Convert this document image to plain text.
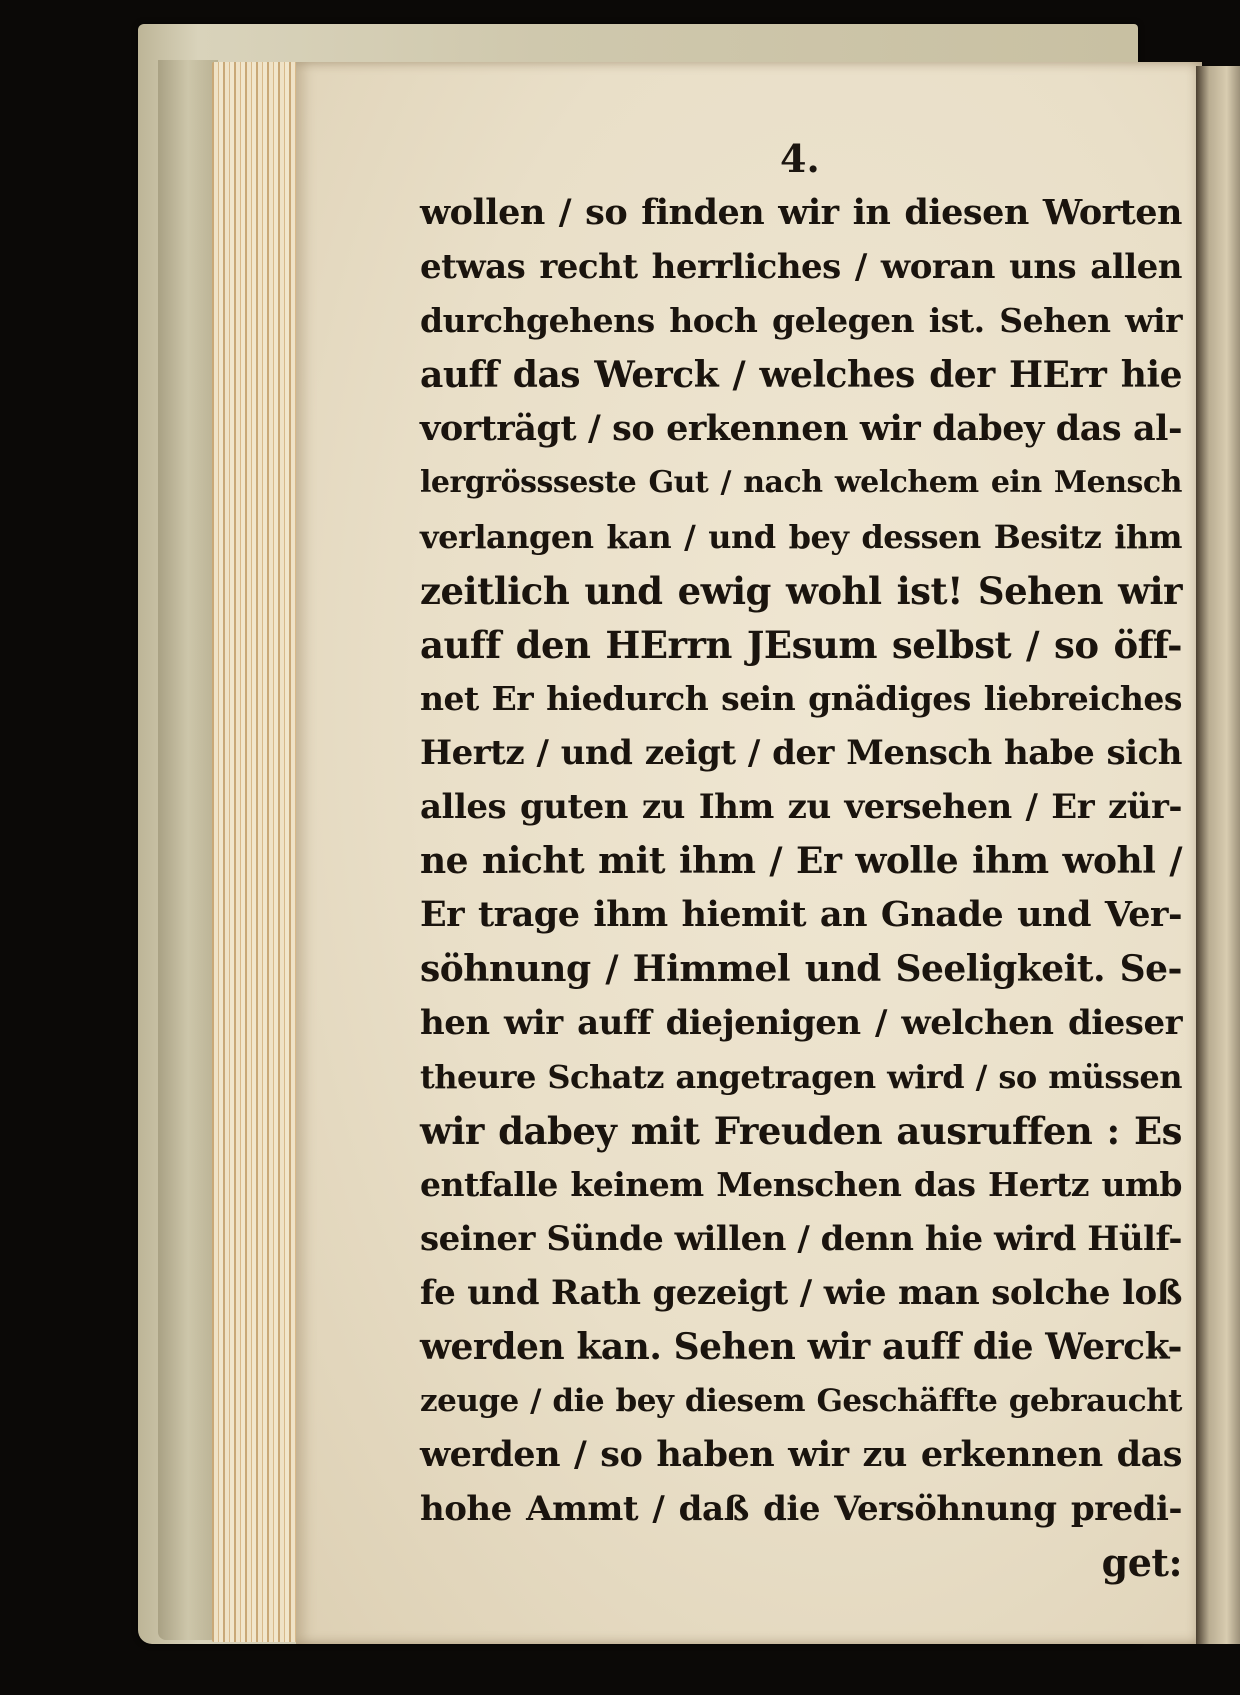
4.
wollen / so finden wir in diesen Worten
etwas recht herrliches / woran uns allen
durchgehens hoch gelegen ist. Sehen wir
auff das Werck / welches der HErr hie
vorträgt / so erkennen wir dabey das al-
lergrössseste Gut / nach welchem ein Mensch
verlangen kan / und bey dessen Besitz ihm
zeitlich und ewig wohl ist! Sehen wir
auff den HErrn JEsum selbst / so öff-
net Er hiedurch sein gnädiges liebreiches
Hertz / und zeigt / der Mensch habe sich
alles guten zu Ihm zu versehen / Er zür-
ne nicht mit ihm / Er wolle ihm wohl /
Er trage ihm hiemit an Gnade und Ver-
söhnung / Himmel und Seeligkeit. Se-
hen wir auff diejenigen / welchen dieser
theure Schatz angetragen wird / so müssen
wir dabey mit Freuden ausruffen : Es
entfalle keinem Menschen das Hertz umb
seiner Sünde willen / denn hie wird Hülf-
fe und Rath gezeigt / wie man solche loß
werden kan. Sehen wir auff die Werck-
zeuge / die bey diesem Geschäffte gebraucht
werden / so haben wir zu erkennen das
hohe Ammt / daß die Versöhnung predi-
get:
